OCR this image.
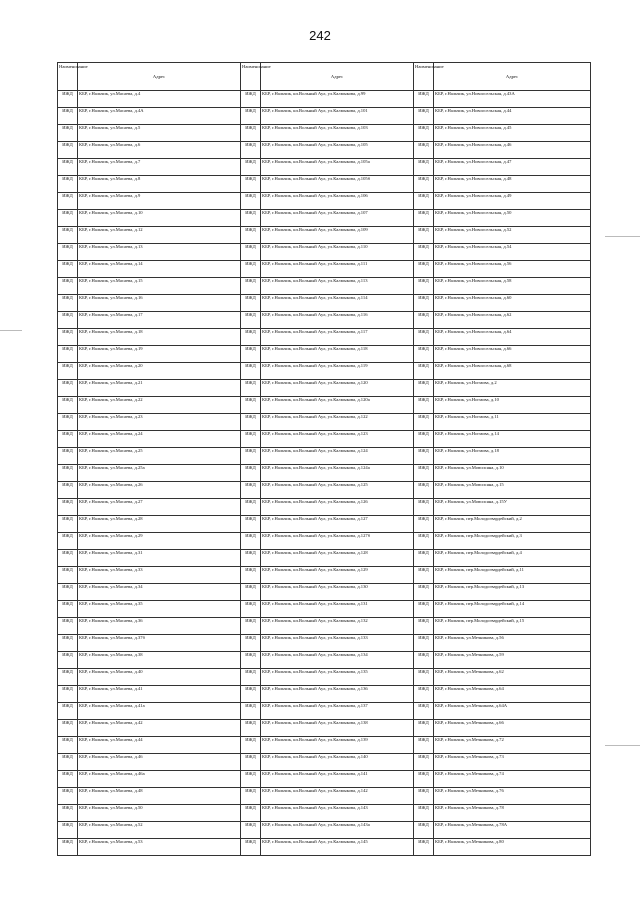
242
Наименование	Адрес	Наименование	Адрес	Наименование	Адрес
ИЖД	КБР, г.Нальчик, ул.Масаева, д.4	ИЖД	КБР, г.Нальчик, кп.Вольный Аул, ул.Калмыкова, д.99	ИЖД	КБР, г.Нальчик, ул.Новоосельская, д.43А
ИЖД	КБР, г.Нальчик, ул.Масаева, д.4А	ИЖД	КБР, г.Нальчик, кп.Вольный Аул, ул.Калмыкова, д.101	ИЖД	КБР, г.Нальчик, ул.Новоосельская, д.44
ИЖД	КБР, г.Нальчик, ул.Масаева, д.5	ИЖД	КБР, г.Нальчик, кп.Вольный Аул, ул.Калмыкова, д.103	ИЖД	КБР, г.Нальчик, ул.Новоосельская, д.45
ИЖД	КБР, г.Нальчик, ул.Масаева, д.6	ИЖД	КБР, г.Нальчик, кп.Вольный Аул, ул.Калмыкова, д.105	ИЖД	КБР, г.Нальчик, ул.Новоосельская, д.46
ИЖД	КБР, г.Нальчик, ул.Масаева, д.7	ИЖД	КБР, г.Нальчик, кп.Вольный Аул, ул.Калмыкова, д.105а	ИЖД	КБР, г.Нальчик, ул.Новоосельская, д.47
ИЖД	КБР, г.Нальчик, ул.Масаева, д.8	ИЖД	КБР, г.Нальчик, кп.Вольный Аул, ул.Калмыкова, д.105б	ИЖД	КБР, г.Нальчик, ул.Новоосельская, д.48
ИЖД	КБР, г.Нальчик, ул.Масаева, д.9	ИЖД	КБР, г.Нальчик, кп.Вольный Аул, ул.Калмыкова, д.106	ИЖД	КБР, г.Нальчик, ул.Новоосельская, д.49
ИЖД	КБР, г.Нальчик, ул.Масаева, д.10	ИЖД	КБР, г.Нальчик, кп.Вольный Аул, ул.Калмыкова, д.107	ИЖД	КБР, г.Нальчик, ул.Новоосельская, д.50
ИЖД	КБР, г.Нальчик, ул.Масаева, д.12	ИЖД	КБР, г.Нальчик, кп.Вольный Аул, ул.Калмыкова, д.109	ИЖД	КБР, г.Нальчик, ул.Новоосельская, д.52
ИЖД	КБР, г.Нальчик, ул.Масаева, д.13	ИЖД	КБР, г.Нальчик, кп.Вольный Аул, ул.Калмыкова, д.110	ИЖД	КБР, г.Нальчик, ул.Новоосельская, д.54
ИЖД	КБР, г.Нальчик, ул.Масаева, д.14	ИЖД	КБР, г.Нальчик, кп.Вольный Аул, ул.Калмыкова, д.111	ИЖД	КБР, г.Нальчик, ул.Новоосельская, д.56
ИЖД	КБР, г.Нальчик, ул.Масаева, д.15	ИЖД	КБР, г.Нальчик, кп.Вольный Аул, ул.Калмыкова, д.113	ИЖД	КБР, г.Нальчик, ул.Новоосельская, д.58
ИЖД	КБР, г.Нальчик, ул.Масаева, д.16	ИЖД	КБР, г.Нальчик, кп.Вольный Аул, ул.Калмыкова, д.114	ИЖД	КБР, г.Нальчик, ул.Новоосельская, д.60
ИЖД	КБР, г.Нальчик, ул.Масаева, д.17	ИЖД	КБР, г.Нальчик, кп.Вольный Аул, ул.Калмыкова, д.116	ИЖД	КБР, г.Нальчик, ул.Новоосельская, д.62
ИЖД	КБР, г.Нальчик, ул.Масаева, д.18	ИЖД	КБР, г.Нальчик, кп.Вольный Аул, ул.Калмыкова, д.117	ИЖД	КБР, г.Нальчик, ул.Новоосельская, д.64
ИЖД	КБР, г.Нальчик, ул.Масаева, д.19	ИЖД	КБР, г.Нальчик, кп.Вольный Аул, ул.Калмыкова, д.118	ИЖД	КБР, г.Нальчик, ул.Новоосельская, д.66
ИЖД	КБР, г.Нальчик, ул.Масаева, д.20	ИЖД	КБР, г.Нальчик, кп.Вольный Аул, ул.Калмыкова, д.119	ИЖД	КБР, г.Нальчик, ул.Новоосельская, д.68
ИЖД	КБР, г.Нальчик, ул.Масаева, д.21	ИЖД	КБР, г.Нальчик, кп.Вольный Аул, ул.Калмыкова, д.120	ИЖД	КБР, г.Нальчик, ул.Ногмова, д.2
ИЖД	КБР, г.Нальчик, ул.Масаева, д.22	ИЖД	КБР, г.Нальчик, кп.Вольный Аул, ул.Калмыкова, д.120а	ИЖД	КБР, г.Нальчик, ул.Ногмова, д.10
ИЖД	КБР, г.Нальчик, ул.Масаева, д.23	ИЖД	КБР, г.Нальчик, кп.Вольный Аул, ул.Калмыкова, д.122	ИЖД	КБР, г.Нальчик, ул.Ногмова, д.11
ИЖД	КБР, г.Нальчик, ул.Масаева, д.24	ИЖД	КБР, г.Нальчик, кп.Вольный Аул, ул.Калмыкова, д.123	ИЖД	КБР, г.Нальчик, ул.Ногмова, д.14
ИЖД	КБР, г.Нальчик, ул.Масаева, д.25	ИЖД	КБР, г.Нальчик, кп.Вольный Аул, ул.Калмыкова, д.124	ИЖД	КБР, г.Нальчик, ул.Ногмова, д.18
ИЖД	КБР, г.Нальчик, ул.Масаева, д.25а	ИЖД	КБР, г.Нальчик, кп.Вольный Аул, ул.Калмыкова, д.124а	ИЖД	КБР, г.Нальчик, ул.Мовсисяна, д.10
ИЖД	КБР, г.Нальчик, ул.Масаева, д.26	ИЖД	КБР, г.Нальчик, кп.Вольный Аул, ул.Калмыкова, д.125	ИЖД	КБР, г.Нальчик, ул.Мовсисяна, д.15
ИЖД	КБР, г.Нальчик, ул.Масаева, д.27	ИЖД	КБР, г.Нальчик, кп.Вольный Аул, ул.Калмыкова, д.126	ИЖД	КБР, г.Нальчик, ул.Мовсисяна, д.15У
ИЖД	КБР, г.Нальчик, ул.Масаева, д.28	ИЖД	КБР, г.Нальчик, кп.Вольный Аул, ул.Калмыкова, д.127	ИЖД	КБР, г.Нальчик, пер.Молодогвардейский, д.2
ИЖД	КБР, г.Нальчик, ул.Масаева, д.29	ИЖД	КБР, г.Нальчик, кп.Вольный Аул, ул.Калмыкова, д.127б	ИЖД	КБР, г.Нальчик, пер.Молодогвардейский, д.3
ИЖД	КБР, г.Нальчик, ул.Масаева, д.31	ИЖД	КБР, г.Нальчик, кп.Вольный Аул, ул.Калмыкова, д.128	ИЖД	КБР, г.Нальчик, пер.Молодогвардейский, д.4
ИЖД	КБР, г.Нальчик, ул.Масаева, д.33	ИЖД	КБР, г.Нальчик, кп.Вольный Аул, ул.Калмыкова, д.129	ИЖД	КБР, г.Нальчик, пер.Молодогвардейский, д.11
ИЖД	КБР, г.Нальчик, ул.Масаева, д.34	ИЖД	КБР, г.Нальчик, кп.Вольный Аул, ул.Калмыкова, д.130	ИЖД	КБР, г.Нальчик, пер.Молодогвардейский, д.13
ИЖД	КБР, г.Нальчик, ул.Масаева, д.35	ИЖД	КБР, г.Нальчик, кп.Вольный Аул, ул.Калмыкова, д.131	ИЖД	КБР, г.Нальчик, пер.Молодогвардейский, д.14
ИЖД	КБР, г.Нальчик, ул.Масаева, д.36	ИЖД	КБР, г.Нальчик, кп.Вольный Аул, ул.Калмыкова, д.132	ИЖД	КБР, г.Нальчик, пер.Молодогвардейский, д.15
ИЖД	КБР, г.Нальчик, ул.Масаева, д.37б	ИЖД	КБР, г.Нальчик, кп.Вольный Аул, ул.Калмыкова, д.133	ИЖД	КБР, г.Нальчик, ул.Мечникова, д.56
ИЖД	КБР, г.Нальчик, ул.Масаева, д.38	ИЖД	КБР, г.Нальчик, кп.Вольный Аул, ул.Калмыкова, д.134	ИЖД	КБР, г.Нальчик, ул.Мечникова, д.59
ИЖД	КБР, г.Нальчик, ул.Масаева, д.40	ИЖД	КБР, г.Нальчик, кп.Вольный Аул, ул.Калмыкова, д.135	ИЖД	КБР, г.Нальчик, ул.Мечникова, д.62
ИЖД	КБР, г.Нальчик, ул.Масаева, д.41	ИЖД	КБР, г.Нальчик, кп.Вольный Аул, ул.Калмыкова, д.136	ИЖД	КБР, г.Нальчик, ул.Мечникова, д.64
ИЖД	КБР, г.Нальчик, ул.Масаева, д.41а	ИЖД	КБР, г.Нальчик, кп.Вольный Аул, ул.Калмыкова, д.137	ИЖД	КБР, г.Нальчик, ул.Мечникова, д.64А
ИЖД	КБР, г.Нальчик, ул.Масаева, д.42	ИЖД	КБР, г.Нальчик, кп.Вольный Аул, ул.Калмыкова, д.138	ИЖД	КБР, г.Нальчик, ул.Мечникова, д.66
ИЖД	КБР, г.Нальчик, ул.Масаева, д.44	ИЖД	КБР, г.Нальчик, кп.Вольный Аул, ул.Калмыкова, д.139	ИЖД	КБР, г.Нальчик, ул.Мечникова, д.72
ИЖД	КБР, г.Нальчик, ул.Масаева, д.46	ИЖД	КБР, г.Нальчик, кп.Вольный Аул, ул.Калмыкова, д.140	ИЖД	КБР, г.Нальчик, ул.Мечникова, д.73
ИЖД	КБР, г.Нальчик, ул.Масаева, д.46а	ИЖД	КБР, г.Нальчик, кп.Вольный Аул, ул.Калмыкова, д.141	ИЖД	КБР, г.Нальчик, ул.Мечникова, д.74
ИЖД	КБР, г.Нальчик, ул.Масаева, д.48	ИЖД	КБР, г.Нальчик, кп.Вольный Аул, ул.Калмыкова, д.142	ИЖД	КБР, г.Нальчик, ул.Мечникова, д.76
ИЖД	КБР, г.Нальчик, ул.Масаева, д.50	ИЖД	КБР, г.Нальчик, кп.Вольный Аул, ул.Калмыкова, д.143	ИЖД	КБР, г.Нальчик, ул.Мечникова, д.78
ИЖД	КБР, г.Нальчик, ул.Масаева, д.52	ИЖД	КБР, г.Нальчик, кп.Вольный Аул, ул.Калмыкова, д.143а	ИЖД	КБР, г.Нальчик, ул.Мечникова, д.78А
ИЖД	КБР, г.Нальчик, ул.Масаева, д.53	ИЖД	КБР, г.Нальчик, кп.Вольный Аул, ул.Калмыкова, д.145	ИЖД	КБР, г.Нальчик, ул.Мечникова, д.80
